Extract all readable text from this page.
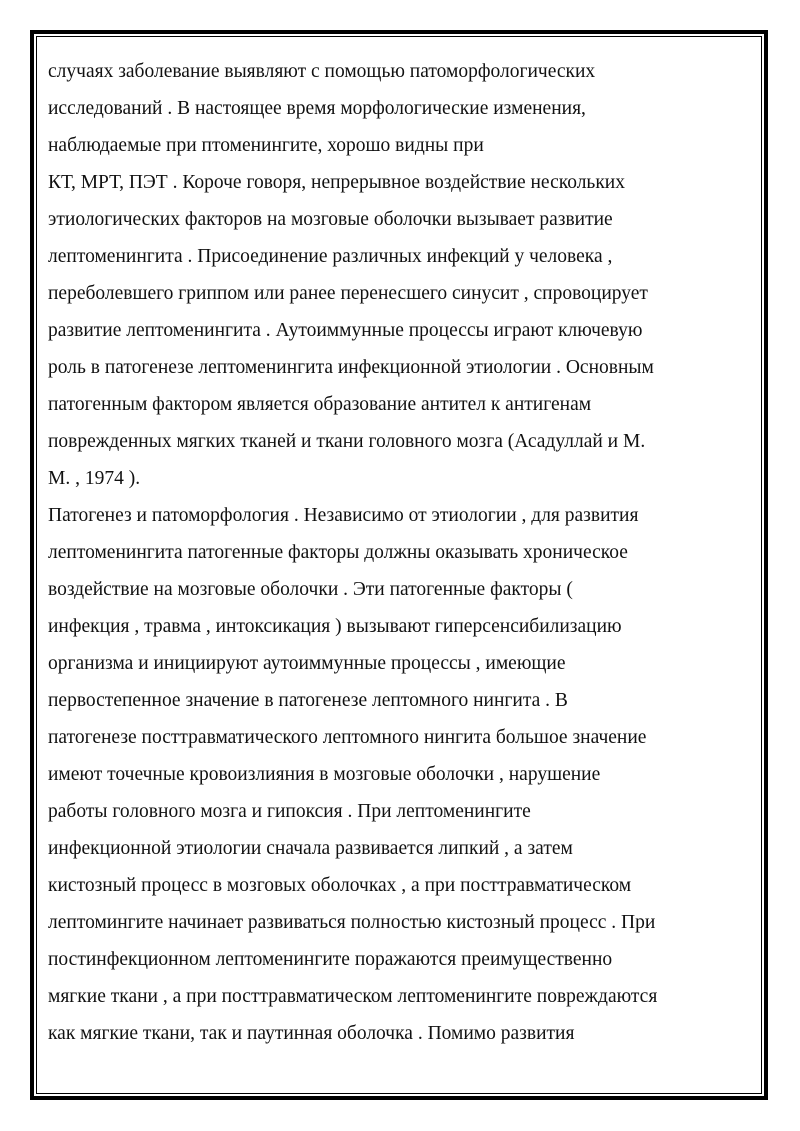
случаях заболевание выявляют с помощью патоморфологических
исследований . В настоящее время морфологические изменения,
наблюдаемые при птоменингите, хорошо видны при
КТ, МРТ, ПЭТ . Короче говоря, непрерывное воздействие нескольких
этиологических факторов на мозговые оболочки вызывает развитие
лептоменингита . Присоединение различных инфекций у человека ,
переболевшего гриппом или ранее перенесшего синусит , спровоцирует
развитие лептоменингита . Аутоиммунные процессы играют ключевую
роль в патогенезе лептоменингита инфекционной этиологии . Основным
патогенным фактором является образование антител к антигенам
поврежденных мягких тканей и ткани головного мозга (Асадуллай и М.
М. , 1974 ).
Патогенез и патоморфология . Независимо от этиологии , для развития
лептоменингита патогенные факторы должны оказывать хроническое
воздействие на мозговые оболочки . Эти патогенные факторы (
инфекция , травма , интоксикация ) вызывают гиперсенсибилизацию
организма и инициируют аутоиммунные процессы , имеющие
первостепенное значение в патогенезе лептомного нингита . В
патогенезе посттравматического лептомного нингита большое значение
имеют точечные кровоизлияния в мозговые оболочки , нарушение
работы головного мозга и гипоксия . При лептоменингите
инфекционной этиологии сначала развивается липкий , а затем
кистозный процесс в мозговых оболочках , а при посттравматическом
лептомингите начинает развиваться полностью кистозный процесс . При
постинфекционном лептоменингите поражаются преимущественно
мягкие ткани , а при посттравматическом лептоменингите повреждаются
как мягкие ткани, так и паутинная оболочка . Помимо развития
